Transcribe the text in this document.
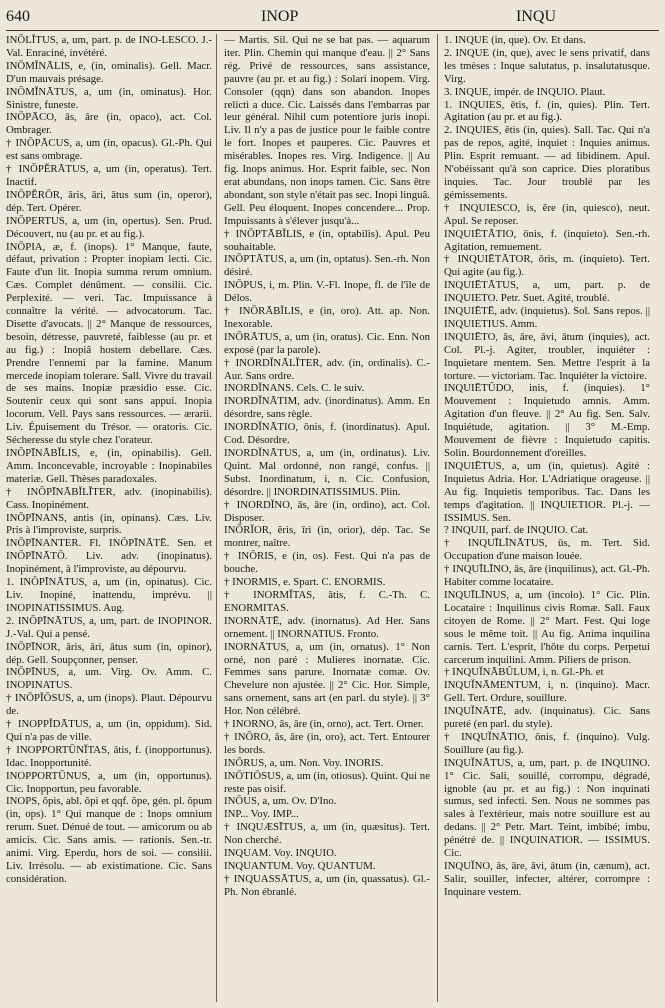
640	INOP	INQU

INŌLĬTUS, a, um, part. p. de INO-LESCO. J.-Val. Enraciné, invétéré.

INŌMĬNĀLIS, e, (in, ominalis). Gell. Macr. D'un mauvais présage.

INŌMĬNĀTUS, a, um (in, ominatus). Hor. Sinistre, funeste.

INŌPĀCO, ās, āre (in, opaco), act. Col. Ombrager.

† INŌPĀCUS, a, um (in, opacus). Gl.-Ph. Qui est sans ombrage.

† INŌPĔRĀTUS, a, um (in, operatus). Tert. Inactif.

INŌPĔRŌR, āris, āri, ātus sum (in, operor), dép. Tert. Opérer.

INŌPERTUS, a, um (in, opertus). Sen. Prud. Découvert, nu (au pr. et au fig.).

INŌPIA, æ, f. (inops). 1° Manque, faute, défaut, privation : Propter inopiam lecti. Cic. Faute d'un lit. Inopia summa rerum omnium. Cæs. Complet dénûment. — consilii. Cic. Perplexité. — veri. Tac. Impuissance à connaître la vérité. — advocatorum. Tac. Disette d'avocats. || 2° Manque de ressources, besoin, détresse, pauvreté, faiblesse (au pr. et au fig.) : Inopiâ hostem debellare. Cæs. Prendre l'ennemi par la famine. Manum mercede inopiam tolerare. Sall. Vivre du travail de ses mains. Inopiæ præsidio esse. Cic. Soutenir ceux qui sont sans appui. Inopia locorum. Vell. Pays sans ressources. — ærarii. Liv. Épuisement du Trésor. — oratoris. Cic. Sécheresse du style chez l'orateur.

INŌPĪNĀBĬLIS, e, (in, opinabilis). Gell. Amm. Inconcevable, incroyable : Inopinabiles materiæ. Gell. Thèses paradoxales.

† INŌPĪNĀBĬLĬTER, adv. (inopinabilis). Cass. Inopinément.

INŌPĪNANS, antis (in, opinans). Cæs. Liv. Pris à l'improviste, surpris.

INŌPĪNANTER. Fl. INŌPĪNĀTĒ. Sen. et INŌPĪNĀTŌ. Liv. adv. (inopinatus). Inopinément, à l'improviste, au dépourvu.

1. INŌPĪNĀTUS, a, um (in, opinatus). Cic. Liv. Inopiné, inattendu, imprévu. || INOPINATISSIMUS. Aug.

2. INŌPĪNĀTUS, a, um, part. de INOPINOR. J.-Val. Qui a pensé.

INŌPĪNOR, āris, āri, ātus sum (in, opinor), dép. Gell. Soupçonner, penser.

INŌPĪNUS, a, um. Virg. Ov. Amm. C. INOPINATUS.

† INŌPĬŌSUS, a, um (inops). Plaut. Dépourvu de.

† INOPPĬDĀTUS, a, um (in, oppidum). Sid. Qui n'a pas de ville.

† INOPPORTŪNĬTAS, ātis, f. (inopportunus). Idac. Inopportunité.

INOPPORTŪNUS, a, um (in, opportunus). Cic. Inopportun, peu favorable.

INOPS, ŏpis, abl. ŏpi et qqf. ŏpe, gén. pl. ŏpum (in, ops). 1° Qui manque de : Inops omnium rerum. Suet. Dénué de tout. — amicorum ou ab amicis. Cic. Sans amis. — rationis. Sen.-tr. animi. Virg. Eperdu, hors de soi. — consilii. Liv. Irrésolu. — ab existimatione. Cic. Sans considération.

— Martis. Sil. Qui ne se bat pas. — aquarum iter. Plin. Chemin qui manque d'eau. || 2° Sans rég. Privé de ressources, sans assistance, pauvre (au pr. et au fig.) : Solari inopem. Virg. Consoler (qqn) dans son abandon. Inopes relicti a duce. Cic. Laissés dans l'embarras par leur général. Nihil cum potentiore juris inopi. Liv. Il n'y a pas de justice pour le faible contre le fort. Inopes et pauperes. Cic. Pauvres et misérables. Inopes res. Virg. Indigence. || Au fig. Inops animus. Hor. Esprit faible, sec. Non erat abundans, non inops tamen. Cic. Sans être abondant, son style n'était pas sec. Inopi linguâ. Gell. Peu éloquent. Inopes concendere... Prop. Impuissants à s'élever jusqu'à...

† INŌPTĀBĬLIS, e (in, optabilis). Apul. Peu souhaitable.

INŌPTĀTUS, a, um (in, optatus). Sen.-rh. Non désiré.

INŌPUS, i, m. Plin. V.-Fl. Inope, fl. de l'île de Délos.

† INŌRĀBĬLIS, e (in, oro). Att. ap. Non. Inexorable.

INŌRĀTUS, a, um (in, oratus). Cic. Enn. Non exposé (par la parole).

† INORDĬNĀLĬTER, adv. (in, ordinalis). C.-Aur. Sans ordre.

INORDĬNANS. Cels. C. le suiv.

INORDĬNĀTIM, adv. (inordinatus). Amm. En désordre, sans règle.

INORDĬNĀTIO, ōnis, f. (inordinatus). Apul. Cod. Désordre.

INORDĬNĀTUS, a, um (in, ordinatus). Liv. Quint. Mal ordonné, non rangé, confus. || Subst. Inordinatum, i, n. Cic. Confusion, désordre. || INORDINATISSIMUS. Plin.

† INORDĬNO, ās, āre (in, ordino), act. Col. Disposer.

INŌRĬOR, ĕris, īri (in, orior), dép. Tac. Se montrer, naître.

† INŌRIS, e (in, os). Fest. Qui n'a pas de bouche.

† INORMIS, e. Spart. C. ENORMIS.

† INORMĬTAS, ātis, f. C.-Th. C. ENORMITAS.

INORNĀTĒ, adv. (inornatus). Ad Her. Sans ornement. || INORNATIUS. Fronto.

INORNĀTUS, a, um (in, ornatus). 1° Non orné, non paré : Mulieres inornatæ. Cic. Femmes sans parure. Inornatæ comæ. Ov. Chevelure non ajustée. || 2° Cic. Hor. Simple, sans ornement, sans art (en parl. du style). || 3° Hor. Non célébré.

† INORNO, ās, āre (in, orno), act. Tert. Orner.

† INŌRO, ās, āre (in, oro), act. Tert. Entourer les bords.

INŌRUS, a, um. Non. Voy. INORIS.

INŌTIŌSUS, a, um (in, otiosus). Quint. Qui ne reste pas oisif.

INŌUS, a, um. Ov. D'Ino.

INP... Voy. IMP...

† INQUÆSĪTUS, a, um (in, quæsitus). Tert. Non cherché.

INQUAM. Voy. INQUIO.

INQUANTUM. Voy. QUANTUM.

† INQUASSĀTUS, a, um (in, quassatus). Gl.-Ph. Non ébranlé.

1. INQUE (in, que). Ov. Et dans.

2. INQUE (in, que), avec le sens privatif, dans les tmèses : Inque salutatus, p. insalutatusque. Virg.

3. INQUE, impér. de INQUIO. Plaut.

1. INQUIES, ētis, f. (in, quies). Plin. Tert. Agitation (au pr. et au fig.).

2. INQUIES, ētis (in, quies). Sall. Tac. Qui n'a pas de repos, agité, inquiet : Inquies animus. Plin. Esprit remuant. — ad libidinem. Apul. N'obéissant qu'à son caprice. Dies ploratibus inquies. Tac. Jour troublé par les gémissements.

† INQUIESCO, is, ĕre (in, quiesco), neut. Apul. Se reposer.

INQUIĒTĀTIO, ōnis, f. (inquieto). Sen.-rh. Agitation, remuement.

† INQUIĒTĀTOR, ōris, m. (inquieto). Tert. Qui agite (au fig.).

INQUIĒTĀTUS, a, um, part. p. de INQUIETO. Petr. Suet. Agité, troublé.

INQUIĒTĒ, adv. (inquietus). Sol. Sans repos. || INQUIETIUS. Amm.

INQUIĒTO, ās, āre, āvi, ātum (inquies), act. Col. Pl.-j. Agiter, troubler, inquiéter : Inquietare mentem. Sen. Mettre l'esprit à la torture. — victoriam. Tac. Inquiéter la victoire.

INQUIĒTŪDO, inis, f. (inquies). 1° Mouvement : Inquietudo amnis. Amm. Agitation d'un fleuve. || 2° Au fig. Sen. Salv. Inquiétude, agitation. || 3° M.-Emp. Mouvement de fièvre : Inquietudo capitis. Solin. Bourdonnement d'oreilles.

INQUIĒTUS, a, um (in, quietus). Agité : Inquietus Adria. Hor. L'Adriatique orageuse. || Au fig. Inquietis temporibus. Tac. Dans les temps d'agitation. || INQUIETIOR. Pl.-j. — ISSIMUS. Sen.

? INQUII, parf. de INQUIO. Cat.

† INQUĪLĪNĀTUS, ūs, m. Tert. Sid. Occupation d'une maison louée.

† INQUĪLĪNO, ās, āre (inquilinus), act. Gl.-Ph. Habiter comme locataire.

INQUĪLĪNUS, a, um (incolo). 1° Cic. Plin. Locataire : Inquilinus civis Romæ. Sall. Faux citoyen de Rome. || 2° Mart. Fest. Qui loge sous le même toit. || Au fig. Anima inquilina carnis. Tert. L'esprit, l'hôte du corps. Perpetui carcerum inquilini. Amm. Piliers de prison.

† INQUĬNĀBŬLUM, i, n. Gl.-Ph. et

INQUĬNĀMENTUM, i, n. (inquino). Macr. Gell. Tert. Ordure, souillure.

INQUĬNĀTĒ, adv. (inquinatus). Cic. Sans pureté (en parl. du style).

† INQUĬNĀTIO, ōnis, f. (inquino). Vulg. Souillure (au fig.).

INQUĬNĀTUS, a, um, part. p. de INQUINO. 1° Cic. Sali, souillé, corrompu, dégradé, ignoble (au pr. et au fig.) : Non inquinati sumus, sed infecti. Sen. Nous ne sommes pas sales à l'extérieur, mais notre souillure est au dedans. || 2° Petr. Mart. Teint, imbibé; imbu, pénétré de. || INQUINATIOR. — ISSIMUS. Cic.

INQUĬNO, ās, āre, āvi, ātum (in, cænum), act. Salir, souiller, infecter, altérer, corrompre : Inquinare vestem.
